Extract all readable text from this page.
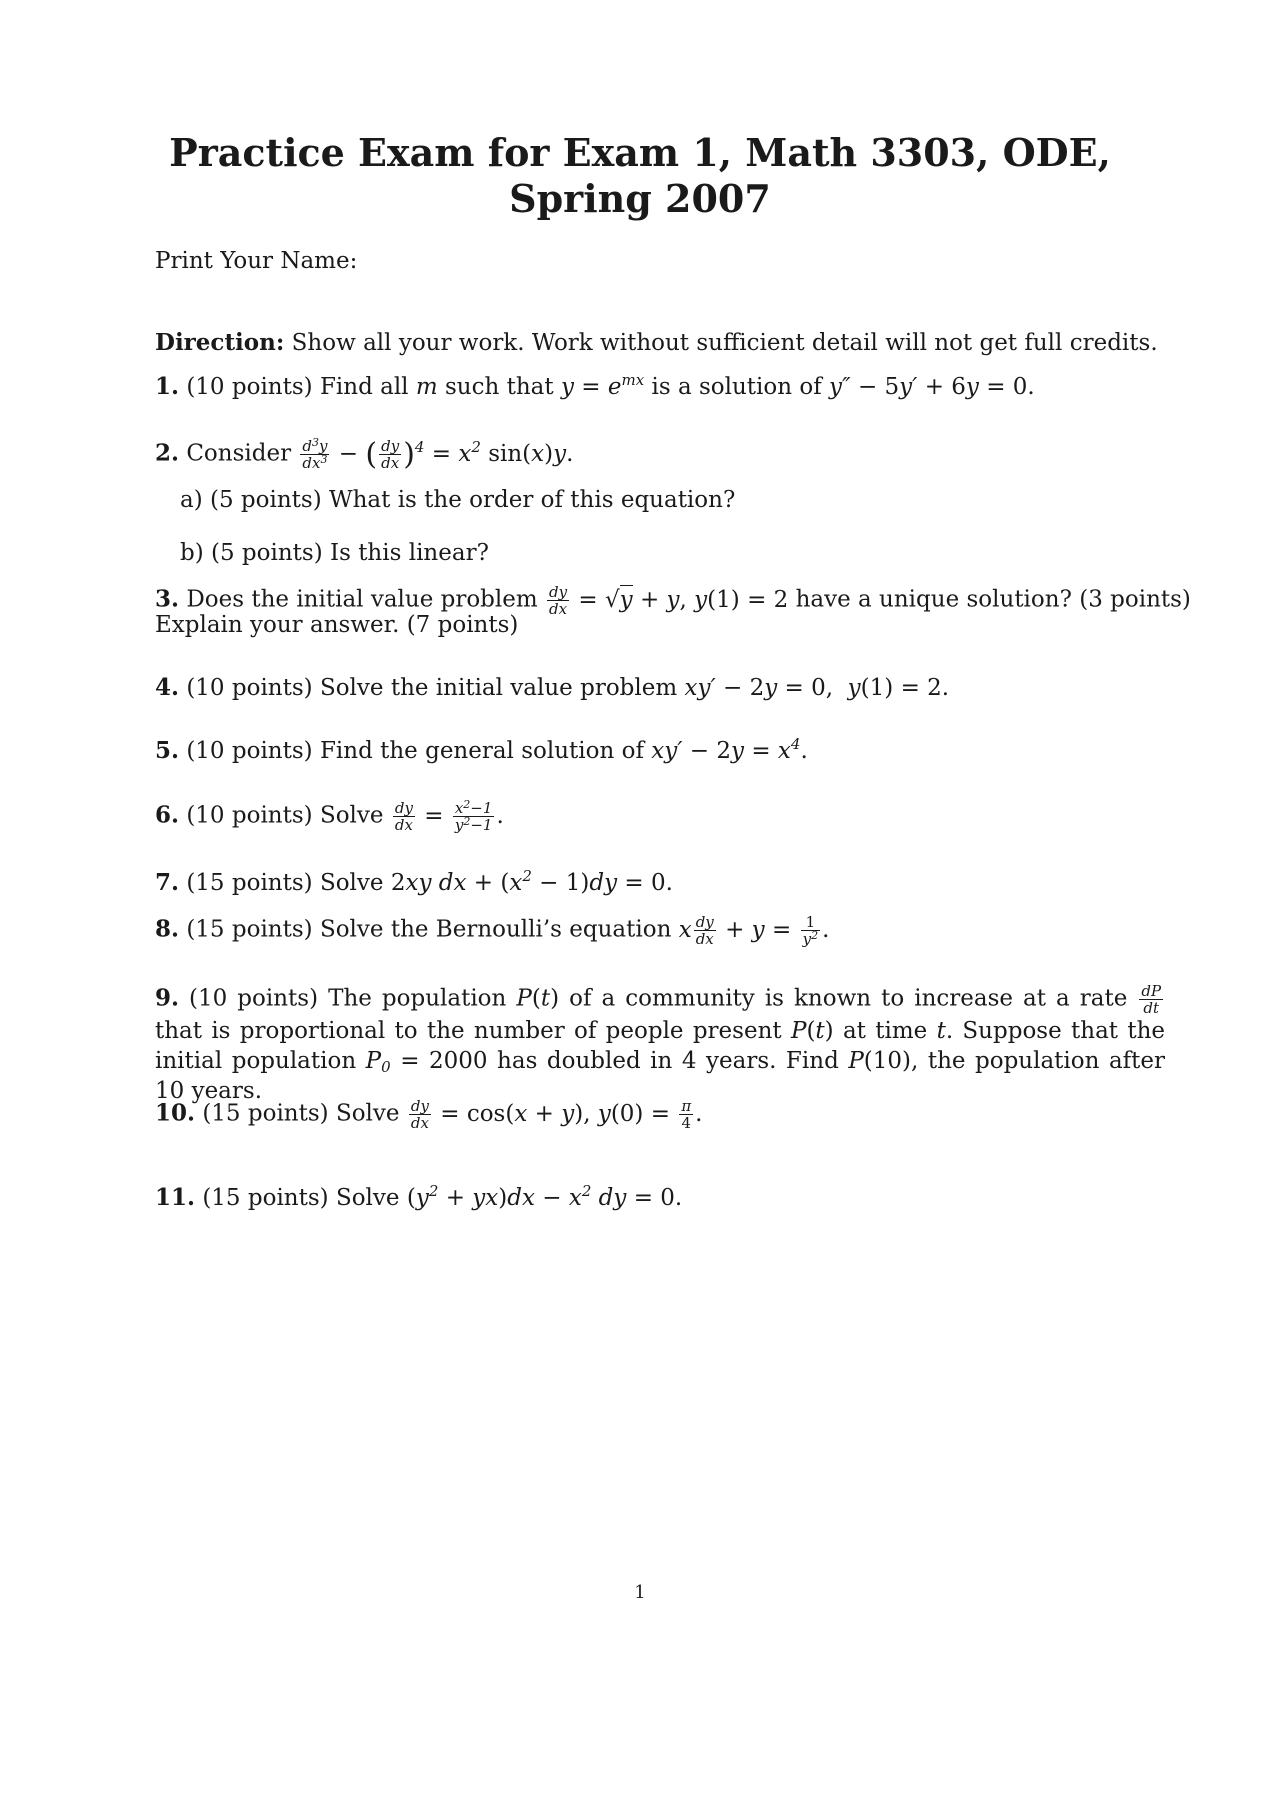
Practice Exam for Exam 1, Math 3303, ODE, Spring 2007
Print Your Name:
Direction: Show all your work. Work without sufficient detail will not get full credits.
1. (10 points) Find all m such that $y = e^{mx}$ is a solution of y″ − 5y′ + 6y = 0.
2. Consider $\frac{d^3y}{dx^3}$ − ( $\frac{dy}{dx} )^4 = x^2$ sin(x)y.
a) (5 points) What is the order of this equation?
b) (5 points) Is this linear?
3. Does the initial value problem $\frac{dy}{dx} = √y + y$, y(1) = 2 have a unique solution? (3 points)
Explain your answer. (7 points)
4. (10 points) Solve the initial value problem xy′ − 2y = 0,  y(1) = 2.
5. (10 points) Find the general solution of $xy' - 2y = x^4$.
6. (10 points) Solve $\frac{dy}{dx} = \frac{x^2-1}{y^2-1}$ .
7. (15 points) Solve 2xy dx + $(x^2 - 1)dy = 0$.
8. (15 points) Solve the Bernoulli’s equation x $\frac{dy}{dx} + y = \frac{1}{y^2}$ .
9. (10 points) The population P(t) of a community is known to increase at a rate $\frac{dP}{dt}$
that is proportional to the number of people present P(t) at time t. Suppose that the initial population $P_0 = 2000$ has doubled in 4 years. Find P(10), the population after 10 years.
10. (15 points) Solve $\frac{dy}{dx} = \cos(x + y)$, $y(0) = \frac{\pi}{4}$ .
11. (15 points) Solve $(y^2 + yx)dx - x^2$ dy = 0.
1
